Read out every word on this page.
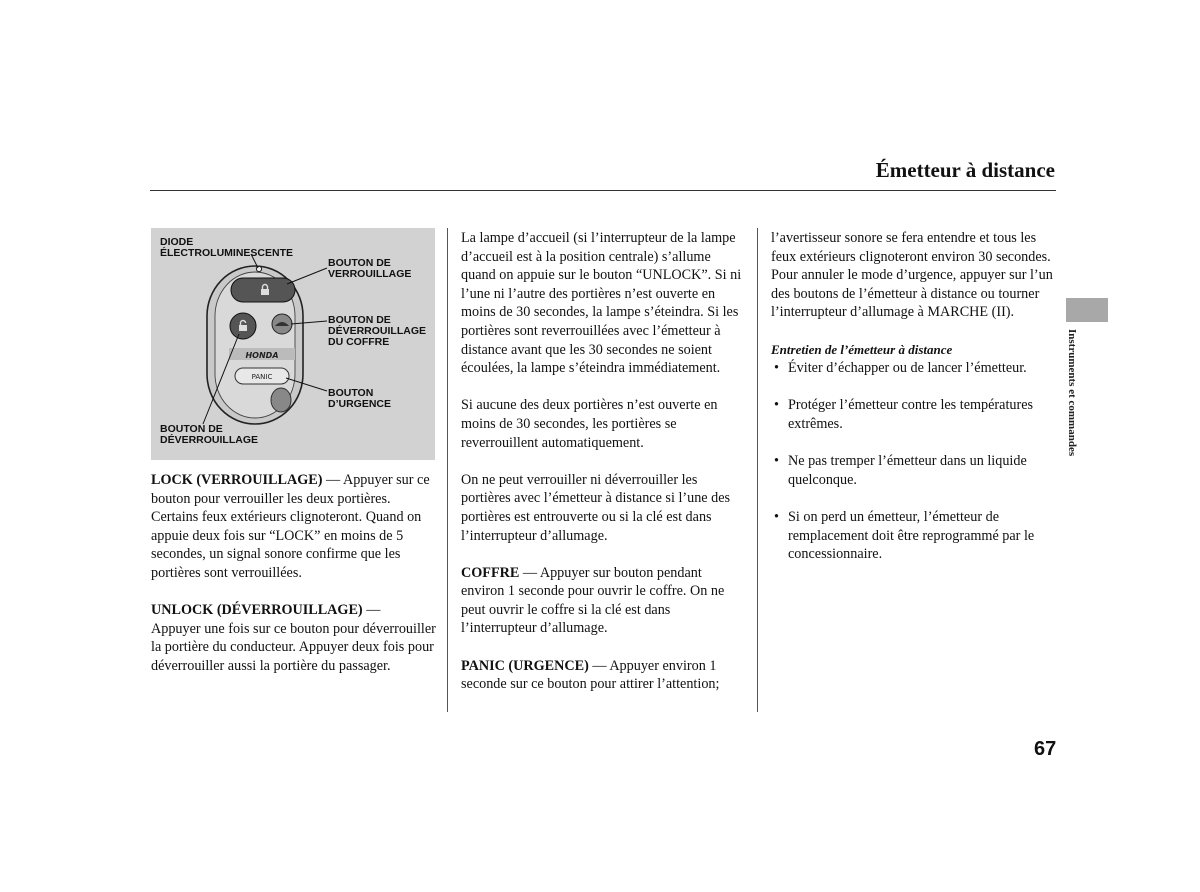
Émetteur à distance
HONDA
PANIC

DIODE
ÉLECTROLUMINESCENTE

BOUTON DE
VERROUILLAGE

BOUTON DE
DÉVERROUILLAGE
DU COFFRE

BOUTON
D’URGENCE

BOUTON DE
DÉVERROUILLAGE

LOCK (VERROUILLAGE) — Appuyer sur ce bouton pour verrouiller les deux portières. Certains feux extérieurs clignoteront. Quand on appuie deux fois sur “LOCK” en moins de 5 secondes, un signal sonore confirme que les portières sont verrouillées.

UNLOCK (DÉVERROUILLAGE) —
Appuyer une fois sur ce bouton pour déverrouiller la portière du conducteur. Appuyer deux fois pour déverrouiller aussi la portière du passager.

La lampe d’accueil (si l’interrupteur de la lampe d’accueil est à la position centrale) s’allume quand on appuie sur le bouton “UNLOCK”. Si ni l’une ni l’autre des portières n’est ouverte en moins de 30 secondes, la lampe s’éteindra. Si les portières sont reverrouillées avec l’émetteur à distance avant que les 30 secondes ne soient écoulées, la lampe s’éteindra immédiatement.

Si aucune des deux portières n’est ouverte en moins de 30 secondes, les portières se reverrouillent automatiquement.

On ne peut verrouiller ni déverrouiller les portières avec l’émetteur à distance si l’une des portières est entrouverte ou si la clé est dans l’interrupteur d’allumage.

COFFRE — Appuyer sur bouton pendant environ 1 seconde pour ouvrir le coffre. On ne peut ouvrir le coffre si la clé est dans l’interrupteur d’allumage.

PANIC (URGENCE) — Appuyer environ 1 seconde sur ce bouton pour attirer l’attention;

l’avertisseur sonore se fera entendre et tous les feux extérieurs clignoteront environ 30 secondes. Pour annuler le mode d’urgence, appuyer sur l’un des boutons de l’émetteur à distance ou tourner l’interrupteur d’allumage à MARCHE (II).

Entretien de l’émetteur à distance

• Éviter d’échapper ou de lancer l’émetteur.
• Protéger l’émetteur contre les températures extrêmes.
• Ne pas tremper l’émetteur dans un liquide quelconque.
• Si on perd un émetteur, l’émetteur de remplacement doit être reprogrammé par le concessionnaire.
Instruments et commandes
67
